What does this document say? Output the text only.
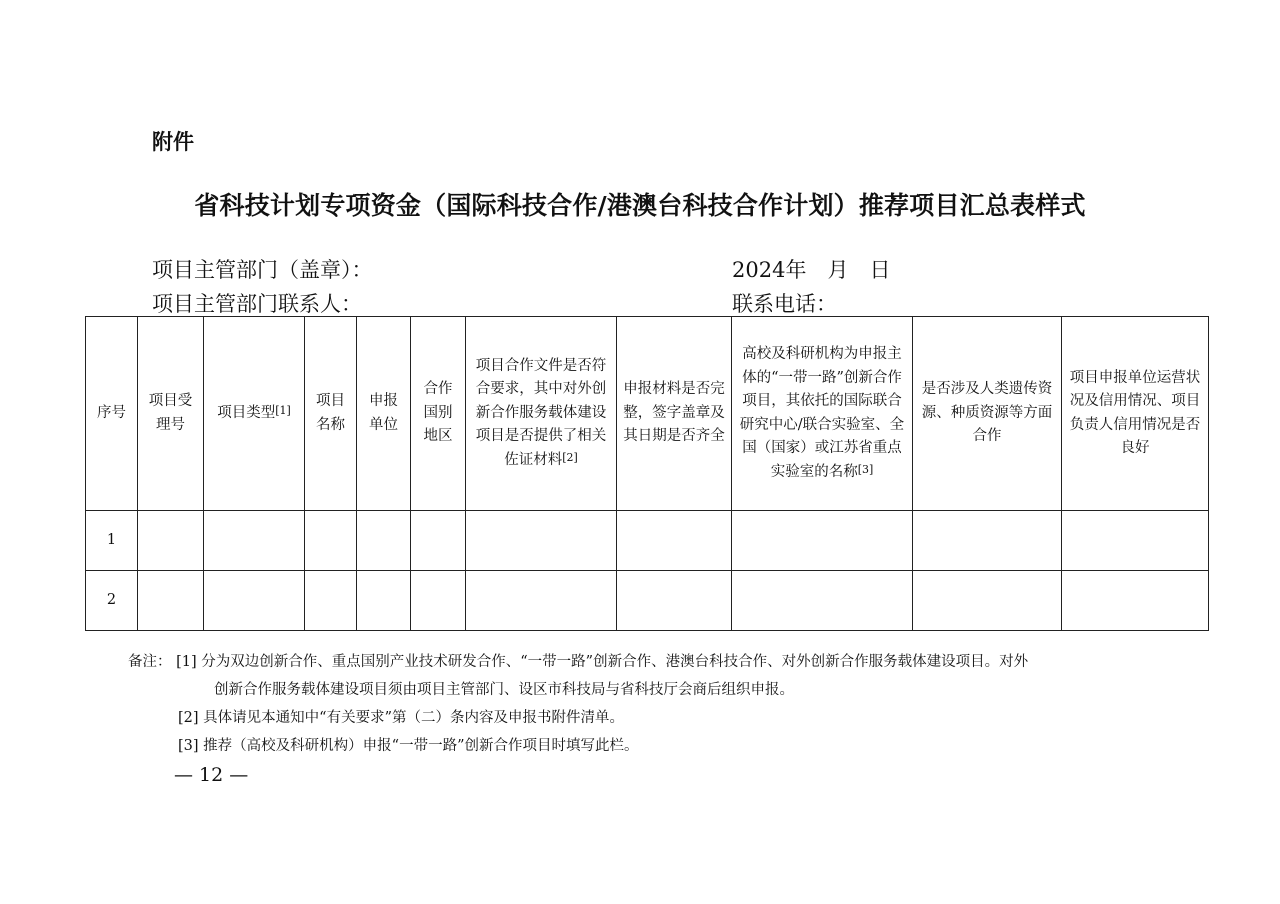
附件
省科技计划专项资金（国际科技合作/港澳台科技合作计划）推荐项目汇总表样式
项目主管部门（盖章）：	2024年　月　日
项目主管部门联系人：	联系电话：
序号	项目受理号	项目类型[1]	项目名称	申报单位	合作国别地区	项目合作文件是否符合要求，其中对外创新合作服务载体建设项目是否提供了相关佐证材料[2]	申报材料是否完整，签字盖章及其日期是否齐全	高校及科研机构为申报主体的“一带一路”创新合作项目，其依托的国际联合研究中心/联合实验室、全国（国家）或江苏省重点实验室的名称[3]	是否涉及人类遗传资源、种质资源等方面合作	项目申报单位运营状况及信用情况、项目负责人信用情况是否良好
1										
2										
备注： [1] 分为双边创新合作、重点国别产业技术研发合作、“一带一路”创新合作、港澳台科技合作、对外创新合作服务载体建设项目。对外
创新合作服务载体建设项目须由项目主管部门、设区市科技局与省科技厅会商后组织申报。
[2] 具体请见本通知中“有关要求”第（二）条内容及申报书附件清单。
[3] 推荐（高校及科研机构）申报“一带一路”创新合作项目时填写此栏。
— 12 —
